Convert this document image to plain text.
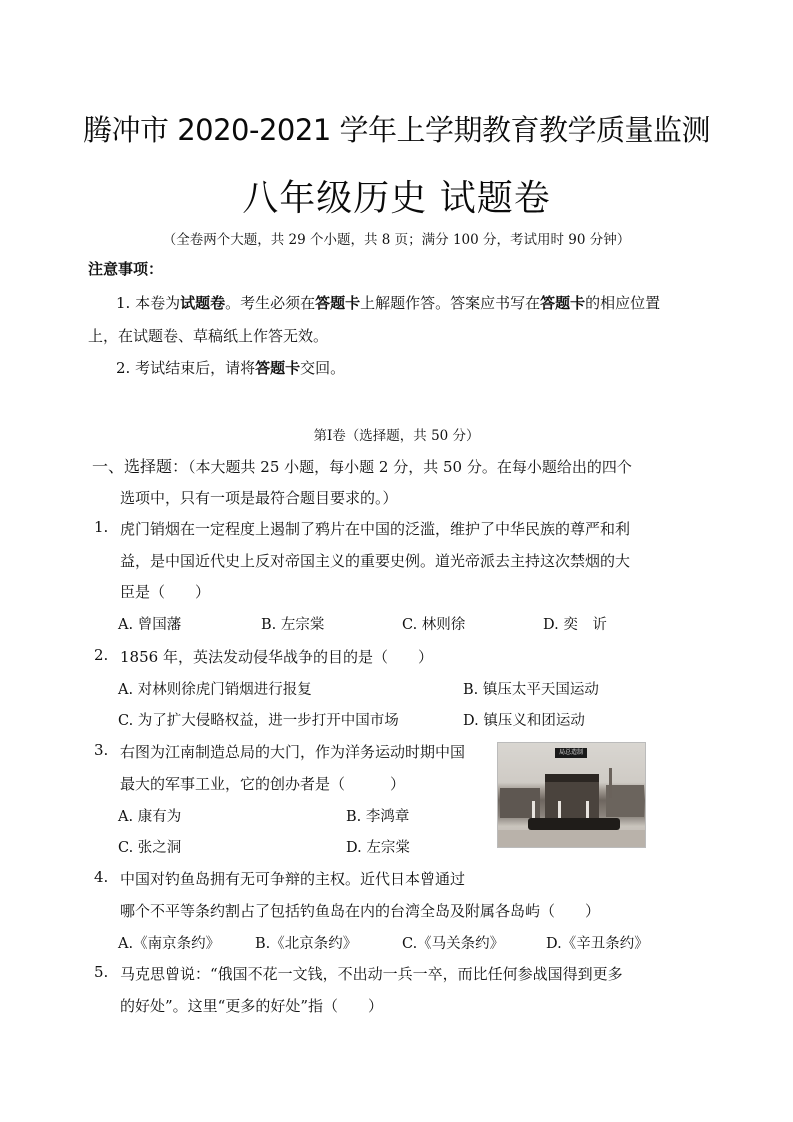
腾冲市 2020-2021 学年上学期教育教学质量监测
八年级历史 试题卷
（全卷两个大题，共 29 个小题，共 8 页；满分 100 分，考试用时 90 分钟）
注意事项：
1. 本卷为试题卷。考生必须在答题卡上解题作答。答案应书写在答题卡的相应位置
上，在试题卷、草稿纸上作答无效。
2. 考试结束后，请将答题卡交回。
第Ⅰ卷（选择题，共 50 分）
一、选择题：（本大题共 25 小题，每小题 2 分，共 50 分。在每小题给出的四个
选项中，只有一项是最符合题目要求的。）
1. 虎门销烟在一定程度上遏制了鸦片在中国的泛滥，维护了中华民族的尊严和利
益，是中国近代史上反对帝国主义的重要史例。道光帝派去主持这次禁烟的大
臣是（　　）
A. 曾国藩	B. 左宗棠	C. 林则徐	D. 奕　䜣
2. 1856 年，英法发动侵华战争的目的是（　　）
A. 对林则徐虎门销烟进行报复	B. 镇压太平天国运动
C. 为了扩大侵略权益，进一步打开中国市场	D. 镇压义和团运动
3. 右图为江南制造总局的大门，作为洋务运动时期中国
最大的军事工业，它的创办者是（　　　）
A. 康有为	B. 李鸿章
C. 张之洞	D. 左宗棠
局总造制
4. 中国对钓鱼岛拥有无可争辩的主权。近代日本曾通过
哪个不平等条约割占了包括钓鱼岛在内的台湾全岛及附属各岛屿（　　）
A.《南京条约》 B.《北京条约》	C.《马关条约》	D.《辛丑条约》
5. 马克思曾说：“俄国不花一文钱，不出动一兵一卒，而比任何参战国得到更多
的好处”。这里“更多的好处”指（　　）
